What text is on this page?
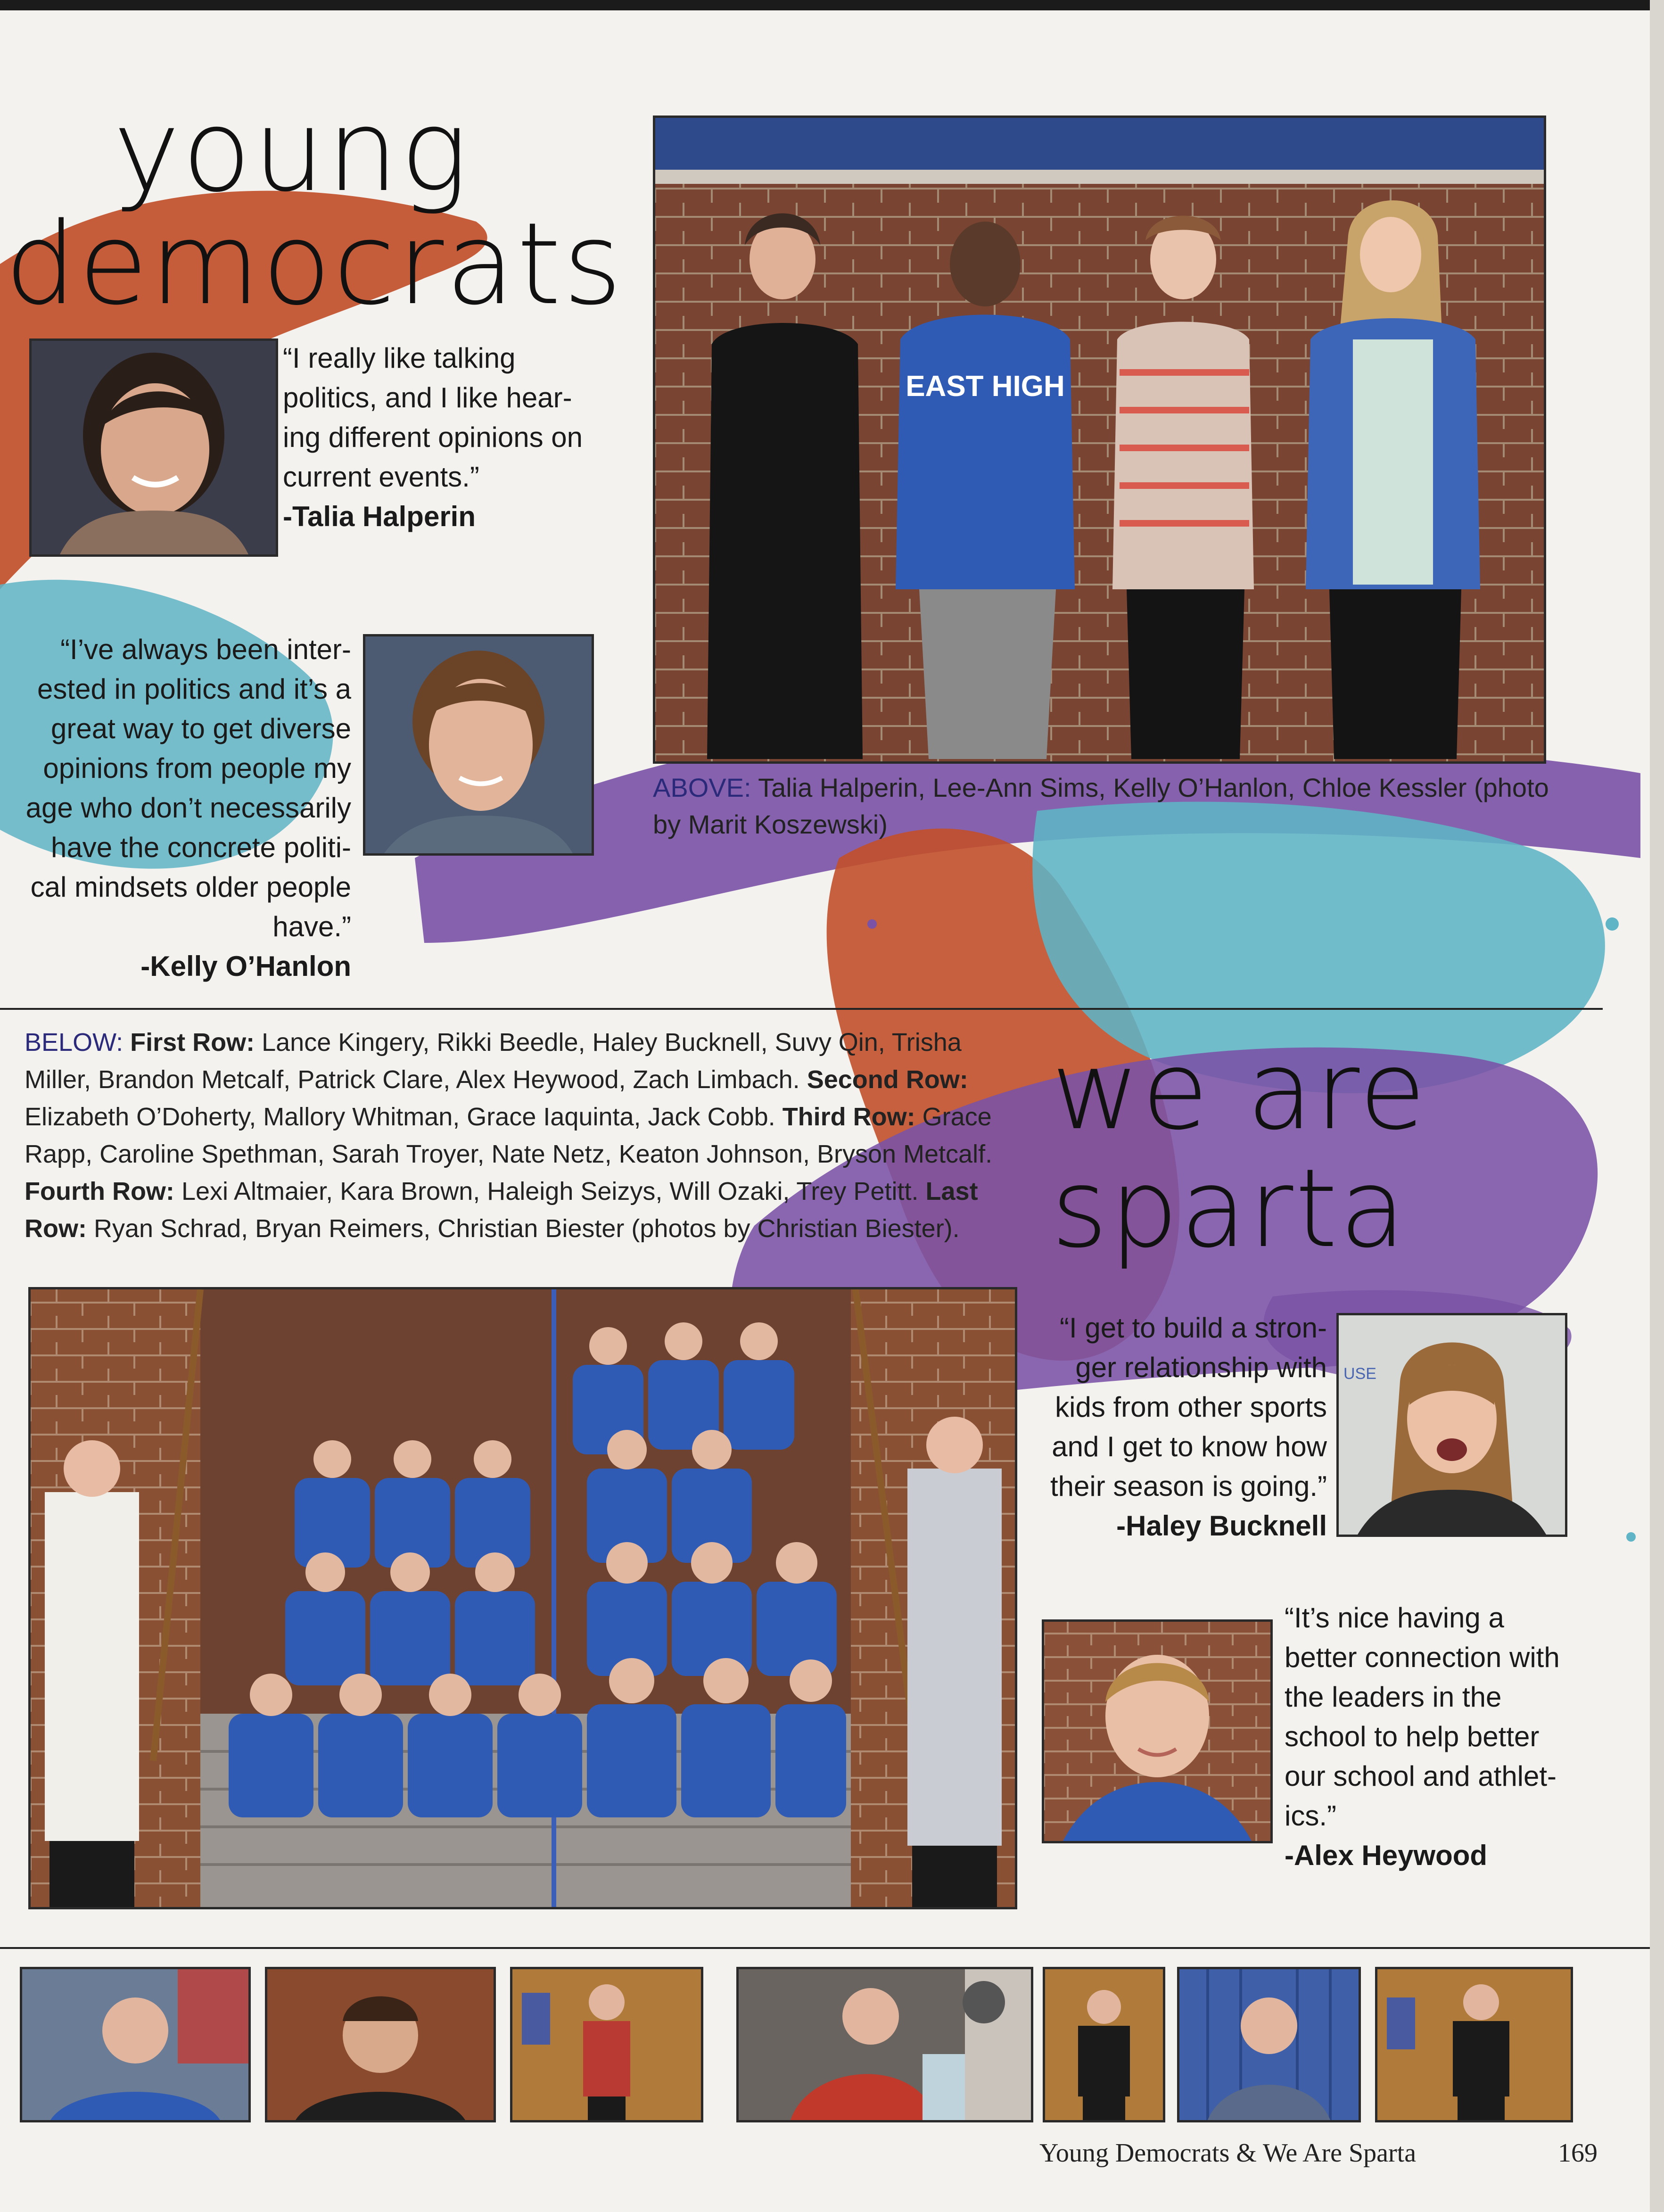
young
democrats
“I really like talking politics, and I like hear-ing different opinions on current events.”
-Talia Halperin
“I’ve always been inter-ested in politics and it’s a great way to get diverse opinions from people my age who don’t necessarily have the concrete politi-cal mindsets older people have.”
-Kelly O’Hanlon
EAST HIGH
ABOVE: Talia Halperin, Lee-Ann Sims, Kelly O’Hanlon, Chloe Kessler (photo by Marit Koszewski)
BELOW: First Row: Lance Kingery, Rikki Beedle, Haley Bucknell, Suvy Qin, Trisha Miller, Brandon Metcalf, Patrick Clare, Alex Heywood, Zach Limbach. Second Row: Elizabeth O’Doherty, Mallory Whitman, Grace Iaquinta, Jack Cobb. Third Row: Grace Rapp, Caroline Spethman, Sarah Troyer, Nate Netz, Keaton Johnson, Bryson Metcalf. Fourth Row: Lexi Altmaier, Kara Brown, Haleigh Seizys, Will Ozaki, Trey Petitt. Last Row: Ryan Schrad, Bryan Reimers, Christian Biester (photos by Christian Biester).
we are
sparta
“I get to build a stron-ger relationship with kids from other sports and I get to know how their season is going.”
-Haley Bucknell
USE
“It’s nice having a better connection with the leaders in the school to help better our school and athlet-ics.”
-Alex Heywood
Young Democrats & We Are Sparta	169
